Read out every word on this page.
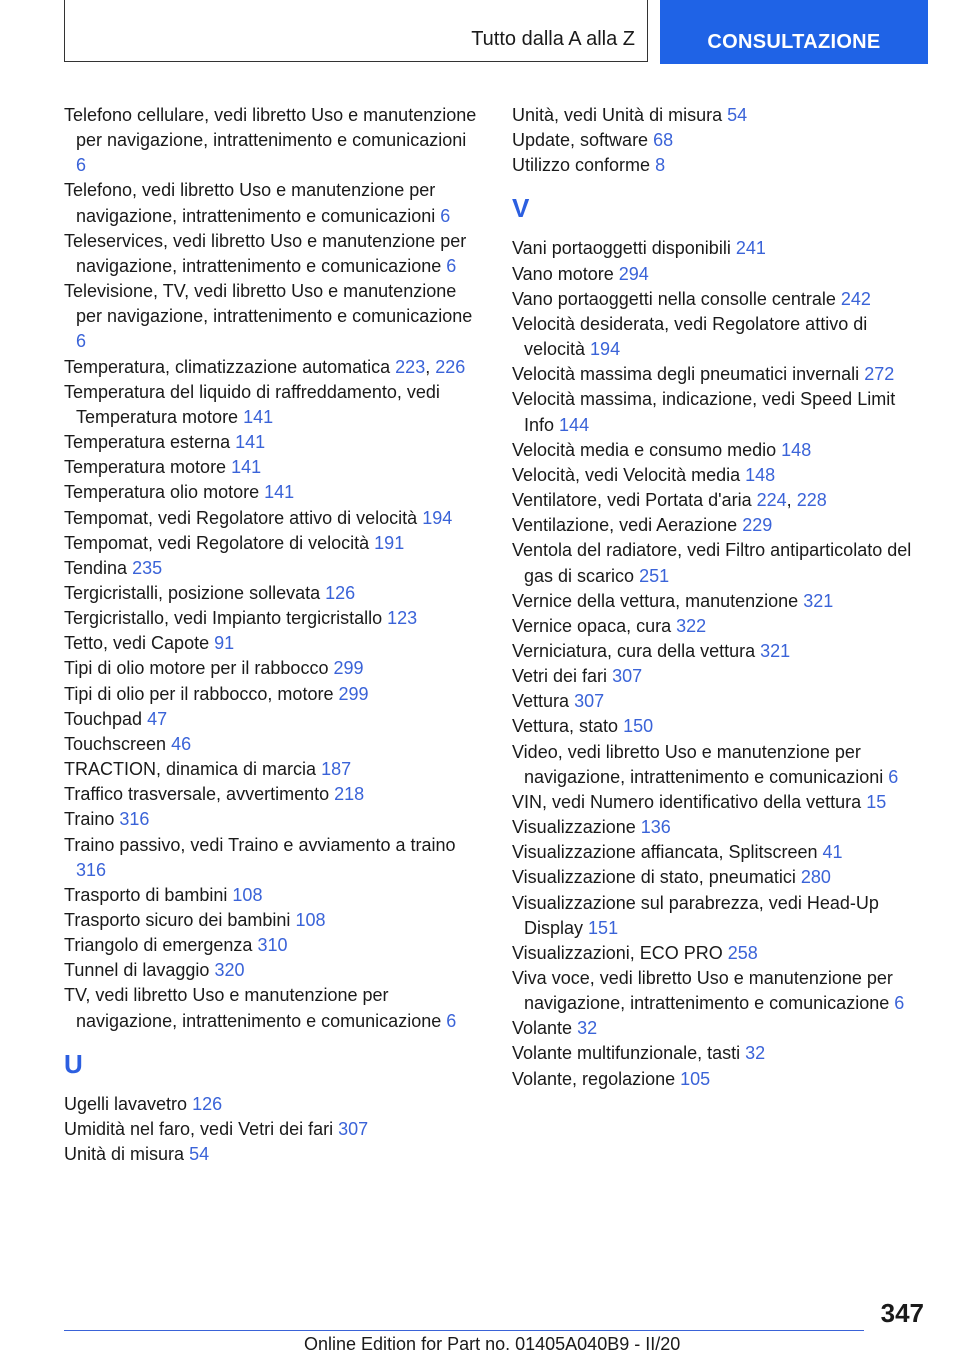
Tutto dalla A alla Z	CONSULTAZIONE
Telefono cellulare, vedi libretto Uso e manutenzione per navigazione, intrattenimento e comunicazioni 6
Telefono, vedi libretto Uso e manutenzione per navigazione, intrattenimento e comunicazioni 6
Teleservices, vedi libretto Uso e manutenzione per navigazione, intrattenimento e comunicazione 6
Televisione, TV, vedi libretto Uso e manutenzione per navigazione, intrattenimento e comunicazione 6
Temperatura, climatizzazione automatica 223, 226
Temperatura del liquido di raffreddamento, vedi Temperatura motore 141
Temperatura esterna 141
Temperatura motore 141
Temperatura olio motore 141
Tempomat, vedi Regolatore attivo di velocità 194
Tempomat, vedi Regolatore di velocità 191
Tendina 235
Tergicristalli, posizione sollevata 126
Tergicristallo, vedi Impianto tergicristallo 123
Tetto, vedi Capote 91
Tipi di olio motore per il rabbocco 299
Tipi di olio per il rabbocco, motore 299
Touchpad 47
Touchscreen 46
TRACTION, dinamica di marcia 187
Traffico trasversale, avvertimento 218
Traino 316
Traino passivo, vedi Traino e avviamento a traino 316
Trasporto di bambini 108
Trasporto sicuro dei bambini 108
Triangolo di emergenza 310
Tunnel di lavaggio 320
TV, vedi libretto Uso e manutenzione per navigazione, intrattenimento e comunicazione 6
U
Ugelli lavavetro 126
Umidità nel faro, vedi Vetri dei fari 307
Unità di misura 54
Unità, vedi Unità di misura 54
Update, software 68
Utilizzo conforme 8
V
Vani portaoggetti disponibili 241
Vano motore 294
Vano portaoggetti nella consolle centrale 242
Velocità desiderata, vedi Regolatore attivo di velocità 194
Velocità massima degli pneumatici invernali 272
Velocità massima, indicazione, vedi Speed Limit Info 144
Velocità media e consumo medio 148
Velocità, vedi Velocità media 148
Ventilatore, vedi Portata d'aria 224, 228
Ventilazione, vedi Aerazione 229
Ventola del radiatore, vedi Filtro antiparticolato del gas di scarico 251
Vernice della vettura, manutenzione 321
Vernice opaca, cura 322
Verniciatura, cura della vettura 321
Vetri dei fari 307
Vettura 307
Vettura, stato 150
Video, vedi libretto Uso e manutenzione per navigazione, intrattenimento e comunicazioni 6
VIN, vedi Numero identificativo della vettura 15
Visualizzazione 136
Visualizzazione affiancata, Splitscreen 41
Visualizzazione di stato, pneumatici 280
Visualizzazione sul parabrezza, vedi Head-Up Display 151
Visualizzazioni, ECO PRO 258
Viva voce, vedi libretto Uso e manutenzione per navigazione, intrattenimento e comunicazione 6
Volante 32
Volante multifunzionale, tasti 32
Volante, regolazione 105
347
Online Edition for Part no. 01405A040B9 - II/20
